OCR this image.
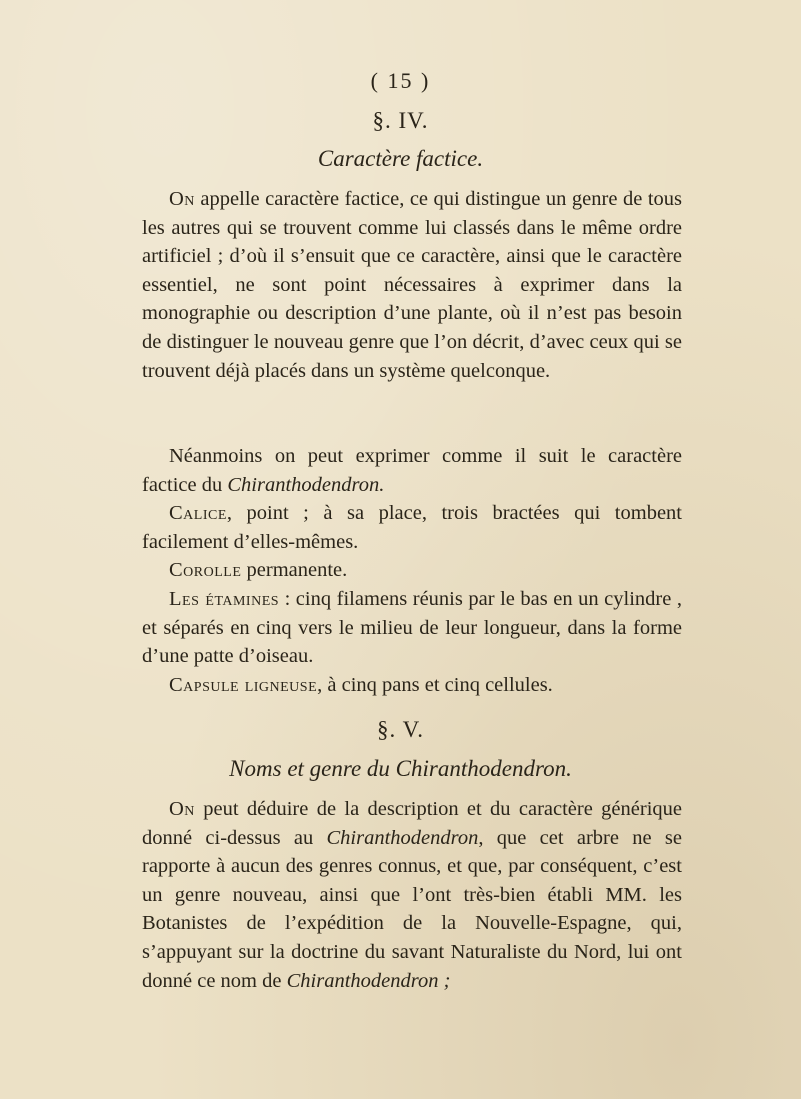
( 15 )
§. IV.
Caractère factice.

On appelle caractère factice, ce qui distingue un genre de tous les autres qui se trouvent comme lui classés dans le même ordre artificiel ; d’où il s’ensuit que ce caractère, ainsi que le caractère essentiel, ne sont point nécessaires à exprimer dans la monographie ou description d’une plante, où il n’est pas besoin de distinguer le nouveau genre que l’on décrit, d’avec ceux qui se trouvent déjà placés dans un système quelconque.

Néanmoins on peut exprimer comme il suit le caractère factice du Chiranthodendron.

Calice, point ; à sa place, trois bractées qui tombent facilement d’elles-mêmes.

Corolle permanente.

Les étamines : cinq filamens réunis par le bas en un cylindre , et séparés en cinq vers le milieu de leur longueur, dans la forme d’une patte d’oiseau.

Capsule ligneuse, à cinq pans et cinq cellules.

§. V.
Noms et genre du Chiranthodendron.

On peut déduire de la description et du caractère générique donné ci-dessus au Chiranthodendron, que cet arbre ne se rapporte à aucun des genres connus, et que, par conséquent, c’est un genre nouveau, ainsi que l’ont très-bien établi MM. les Botanistes de l’expédition de la Nouvelle-Espagne, qui, s’appuyant sur la doctrine du savant Naturaliste du Nord, lui ont donné ce nom de Chiranthodendron ;
